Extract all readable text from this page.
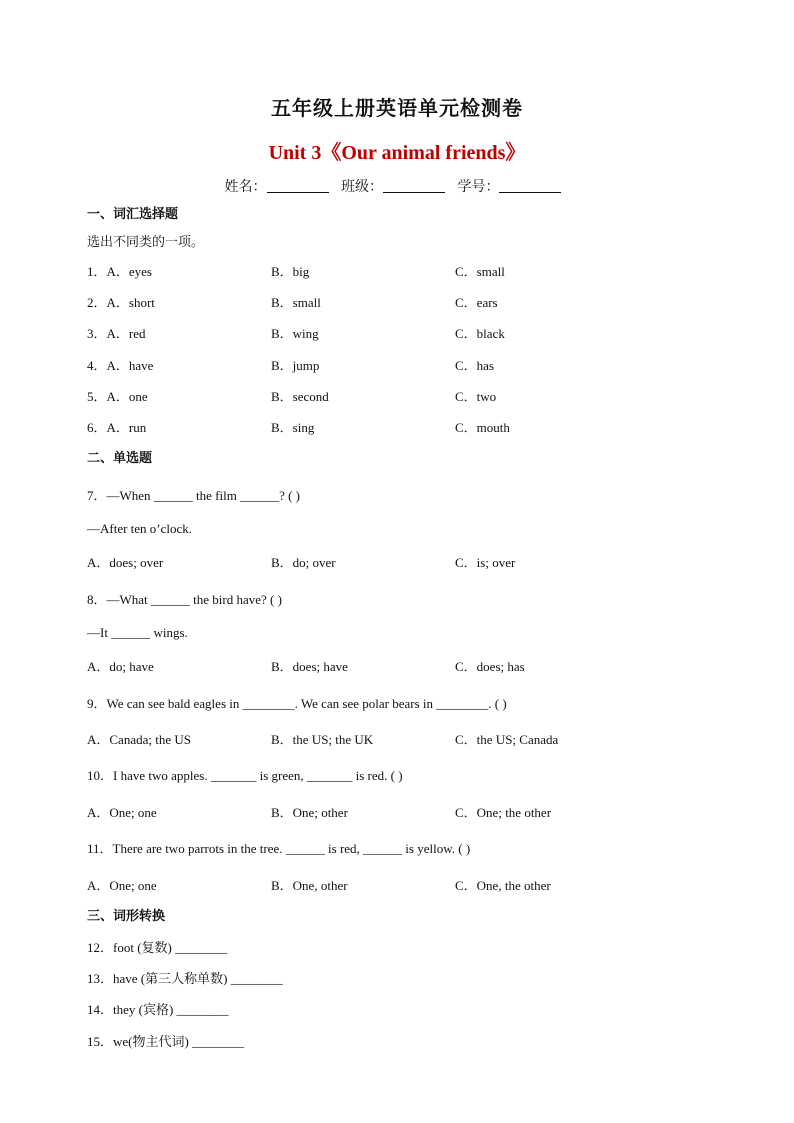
五年级上册英语单元检测卷
Unit 3《Our animal friends》
姓名：	班级：	学号：
一、词汇选择题
选出不同类的一项。
1．A．eyes	B．big	C．small
2．A．short	B．small	C．ears
3．A．red	B．wing	C．black
4．A．have	B．jump	C．has
5．A．one	B．second	C．two
6．A．run	B．sing	C．mouth
二、单选题
7．—When ______ the film ______? ( )
—After ten o’clock.
A．does; over	B．do; over	C．is; over
8．—What ______ the bird have? ( )
—It ______ wings.
A．do; have	B．does; have	C．does; has
9．We can see bald eagles in ________. We can see polar bears in ________. ( )
A．Canada; the US	B．the US; the UK	C．the US; Canada
10．I have two apples. _______ is green, _______ is red. ( )
A．One; one	B．One; other	C．One; the other
11．There are two parrots in the tree. ______ is red, ______ is yellow. ( )
A．One; one	B．One, other	C．One, the other
三、词形转换
12．foot (复数) ________
13．have (第三人称单数) ________
14．they (宾格) ________
15．we(物主代词) ________
